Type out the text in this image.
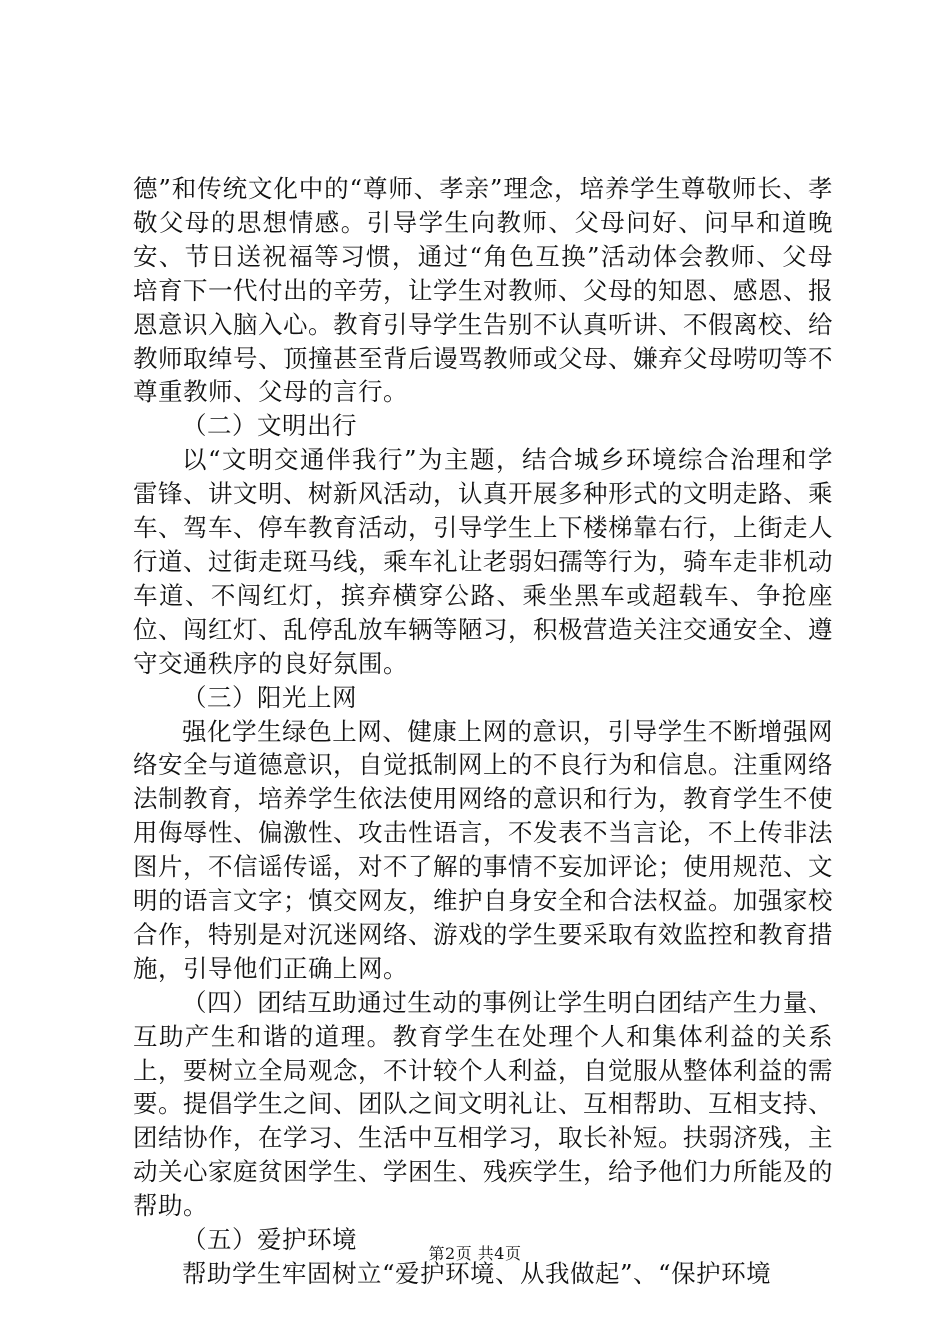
德”和传统文化中的“尊师、孝亲”理念，培养学生尊敬师长、孝敬父母的思想情感。引导学生向教师、父母问好、问早和道晚安、节日送祝福等习惯，通过“角色互换”活动体会教师、父母培育下一代付出的辛劳，让学生对教师、父母的知恩、感恩、报恩意识入脑入心。教育引导学生告别不认真听讲、不假离校、给教师取绰号、顶撞甚至背后谩骂教师或父母、嫌弃父母唠叨等不尊重教师、父母的言行。

（二）文明出行

以“文明交通伴我行”为主题，结合城乡环境综合治理和学雷锋、讲文明、树新风活动，认真开展多种形式的文明走路、乘车、驾车、停车教育活动，引导学生上下楼梯靠右行，上街走人行道、过街走斑马线，乘车礼让老弱妇孺等行为，骑车走非机动车道、不闯红灯，摈弃横穿公路、乘坐黑车或超载车、争抢座位、闯红灯、乱停乱放车辆等陋习，积极营造关注交通安全、遵守交通秩序的良好氛围。

（三）阳光上网

强化学生绿色上网、健康上网的意识，引导学生不断增强网络安全与道德意识，自觉抵制网上的不良行为和信息。注重网络法制教育，培养学生依法使用网络的意识和行为，教育学生不使用侮辱性、偏激性、攻击性语言，不发表不当言论，不上传非法图片，不信谣传谣，对不了解的事情不妄加评论；使用规范、文明的语言文字；慎交网友，维护自身安全和合法权益。加强家校合作，特别是对沉迷网络、游戏的学生要采取有效监控和教育措施，引导他们正确上网。

（四）团结互助通过生动的事例让学生明白团结产生力量、互助产生和谐的道理。教育学生在处理个人和集体利益的关系上，要树立全局观念，不计较个人利益，自觉服从整体利益的需要。提倡学生之间、团队之间文明礼让、互相帮助、互相支持、团结协作，在学习、生活中互相学习，取长补短。扶弱济残，主动关心家庭贫困学生、学困生、残疾学生，给予他们力所能及的帮助。

（五）爱护环境

帮助学生牢固树立“爱护环境、从我做起”、“保护环境

第2页 共4页
